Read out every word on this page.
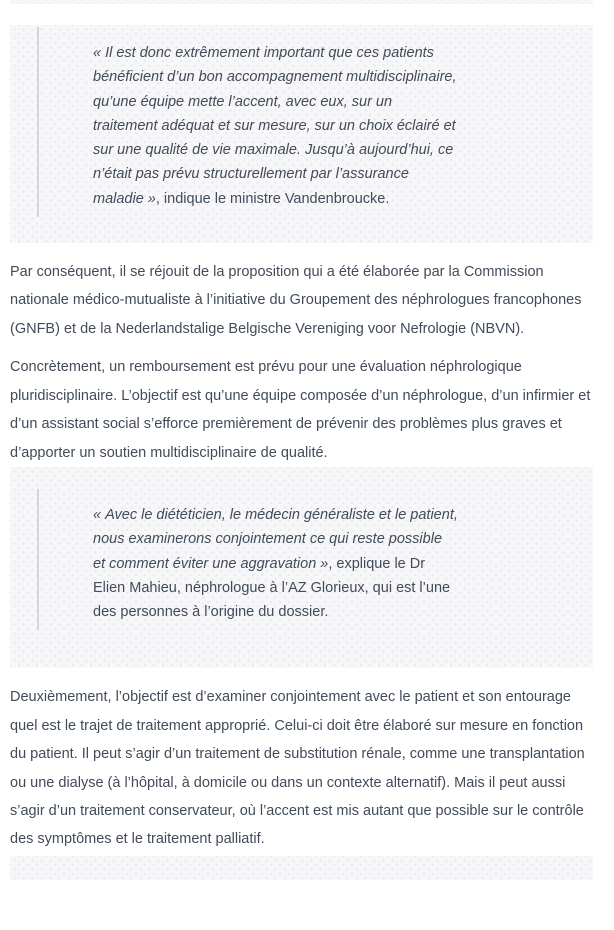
« Il est donc extrêmement important que ces patients bénéficient d’un bon accompagnement multidisciplinaire, qu’une équipe mette l’accent, avec eux, sur un traitement adéquat et sur mesure, sur un choix éclairé et sur une qualité de vie maximale. Jusqu’à aujourd’hui, ce n’était pas prévu structurellement par l’assurance maladie », indique le ministre Vandenbroucke.

Par conséquent, il se réjouit de la proposition qui a été élaborée par la Commission nationale médico-mutualiste à l’initiative du Groupement des néphrologues francophones (GNFB) et de la Nederlandstalige Belgische Vereniging voor Nefrologie (NBVN).

Concrètement, un remboursement est prévu pour une évaluation néphrologique pluridisciplinaire. L’objectif est qu’une équipe composée d’un néphrologue, d’un infirmier et d’un assistant social s’efforce premièrement de prévenir des problèmes plus graves et d’apporter un soutien multidisciplinaire de qualité.

« Avec le diététicien, le médecin généraliste et le patient, nous examinerons conjointement ce qui reste possible et comment éviter une aggravation », explique le Dr Elien Mahieu, néphrologue à l’AZ Glorieux, qui est l’une des personnes à l’origine du dossier.

Deuxièmement, l’objectif est d’examiner conjointement avec le patient et son entourage quel est le trajet de traitement approprié. Celui-ci doit être élaboré sur mesure en fonction du patient. Il peut s’agir d’un traitement de substitution rénale, comme une transplantation ou une dialyse (à l’hôpital, à domicile ou dans un contexte alternatif). Mais il peut aussi s’agir d’un traitement conservateur, où l’accent est mis autant que possible sur le contrôle des symptômes et le traitement palliatif.
